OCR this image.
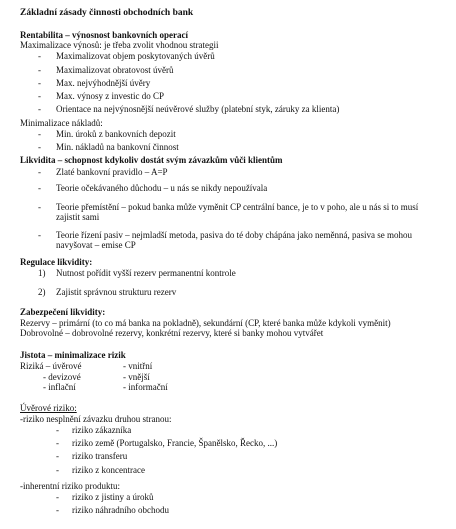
Základní zásady činnosti obchodních bank
Rentabilita – výnosnost bankovních operací
Maximalizace výnosů: je třeba zvolit vhodnou strategii
- Maximalizovat objem poskytovaných úvěrů
- Maximalizovat obratovost úvěrů
- Max. nejvýhodnější úvěry
- Max. výnosy z investic do CP
- Orientace na nejvýnosnější neúvěrové služby (platební styk, záruky za klienta)
Minimalizace nákladů:
- Min. úroků z bankovních depozit
- Min. nákladů na bankovní činnost
Likvidita – schopnost kdykoliv dostát svým závazkům vůči klientům
- Zlaté bankovní pravidlo – A=P
- Teorie očekávaného důchodu – u nás se nikdy nepoužívala
- Teorie přemístění – pokud banka může vyměnit CP centrální bance, je to v pohо, ale u nás si to musí
zajistit sami
- Teorie řízení pasiv – nejmladší metoda, pasiva do té doby chápána jako neměnná, pasiva se mohou
navyšovat – emise CP
Regulace likvidity:
1) Nutnost pořídit vyšší rezerv permanentní kontrole
2) Zajistit správnou strukturu rezerv
Zabezpečení likvidity:
Rezervy – primární (to co má banka na pokladně), sekundární (CP, které banka může kdykoli vyměnit)
Dobrovolné – dobrovolné rezervy, konkrétní rezervy, které si banky mohou vytvářet
Jistota – minimalizace rizik
Riziká – úvěrové	- vnitřní
- devizové	- vnější
- inflační	- informační
Úvěrové riziko:
-riziko nesplnění závazku druhou stranou:
- riziko zákazníka
- riziko země (Portugalsko, Francie, Španělsko, Řecko, ...)
- riziko transferu
- riziko z koncentrace
-inherentní riziko produktu:
- riziko z jistiny a úroků
- riziko náhradního obchodu
